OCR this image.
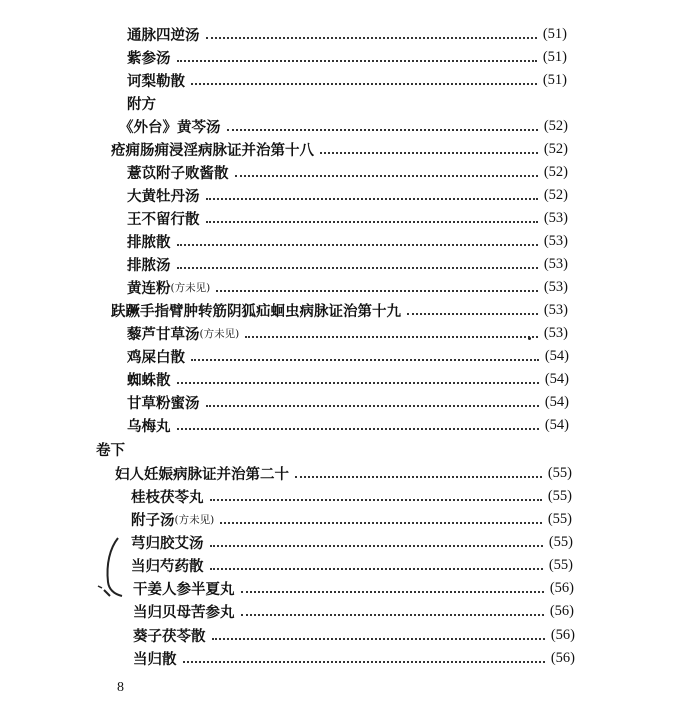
通脉四逆汤	(51)
紫参汤	(51)
诃梨勒散	(51)
附方
《外台》黄芩汤	(52)
疮痈肠痈浸淫病脉证并治第十八	(52)
薏苡附子败酱散	(52)
大黄牡丹汤	(52)
王不留行散	(53)
排脓散	(53)
排脓汤	(53)
黄连粉 (方未见)	(53)
趺蹶手指臂肿转筋阴狐疝蛔虫病脉证治第十九	(53)
藜芦甘草汤 (方未见)	(53)
鸡屎白散	(54)
蜘蛛散	(54)
甘草粉蜜汤	(54)
乌梅丸	(54)
卷下
妇人妊娠病脉证并治第二十	(55)
桂枝茯苓丸	(55)
附子汤 (方未见)	(55)
芎归胶艾汤	(55)
当归芍药散	(55)
干姜人参半夏丸	(56)
当归贝母苦参丸	(56)
葵子茯苓散	(56)
当归散	(56)
8
